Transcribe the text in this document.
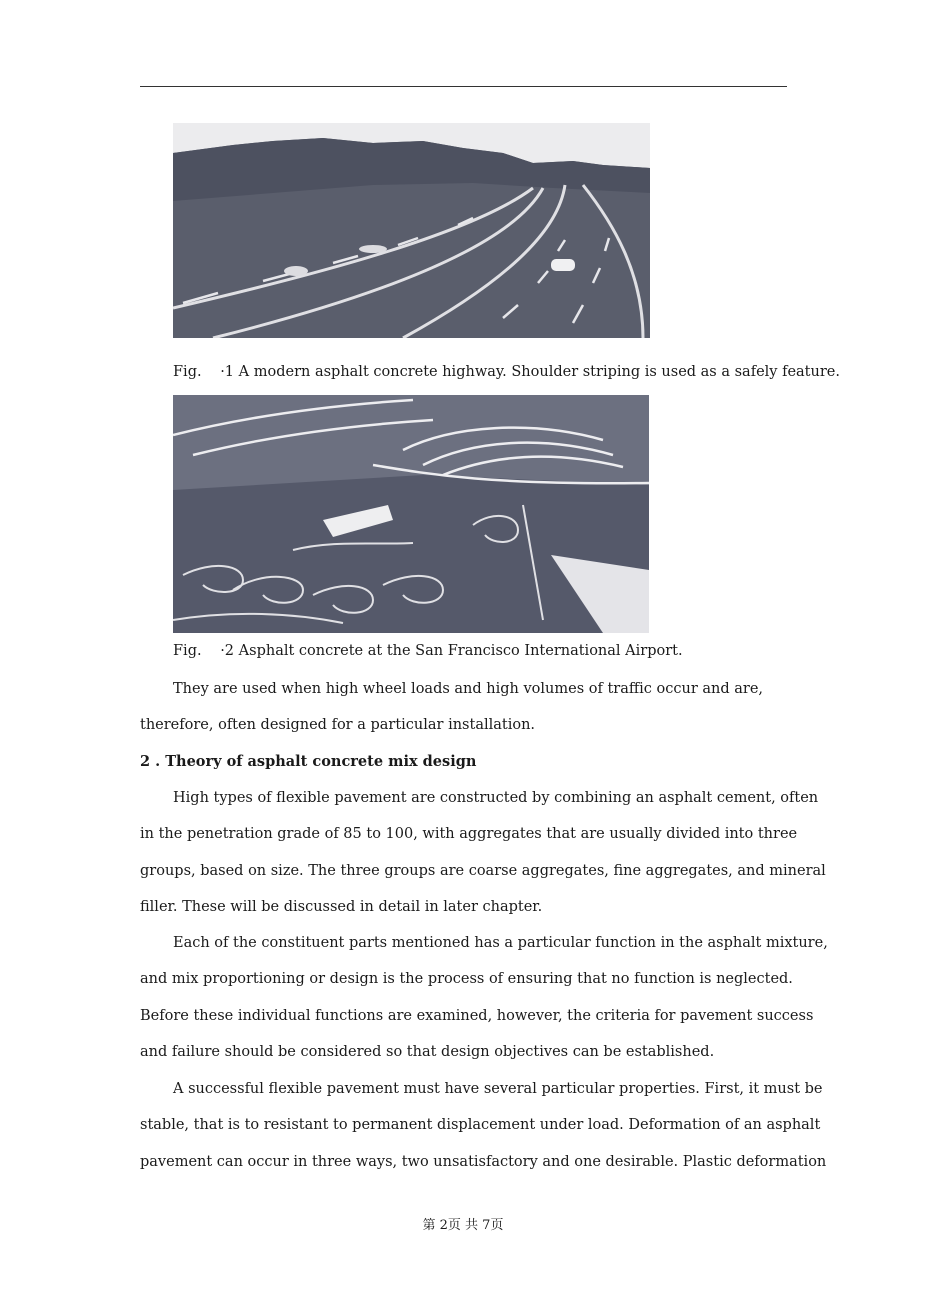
Fig. ·1 A modern asphalt concrete highway. Shoulder striping is used as a safely feature.
Fig. ·2 Asphalt concrete at the San Francisco International Airport.
They are used when high wheel loads and high volumes of traffic occur and are,
therefore, often designed for a particular installation.
2 . Theory of asphalt concrete mix design
High types of flexible pavement are constructed by combining an asphalt cement, often
in the penetration grade of 85 to 100, with aggregates that are usually divided into three
groups, based on size. The three groups are coarse aggregates, fine aggregates, and mineral
filler. These will be discussed in detail in later chapter.
Each of the constituent parts mentioned has a particular function in the asphalt mixture,
and mix proportioning or design is the process of ensuring that no function is neglected.
Before these individual functions are examined, however, the criteria for pavement success
and failure should be considered so that design objectives can be established.
A successful flexible pavement must have several particular properties. First, it must be
stable, that is to resistant to permanent displacement under load. Deformation of an asphalt
pavement can occur in three ways, two unsatisfactory and one desirable. Plastic deformation
第 2页 共 7页
